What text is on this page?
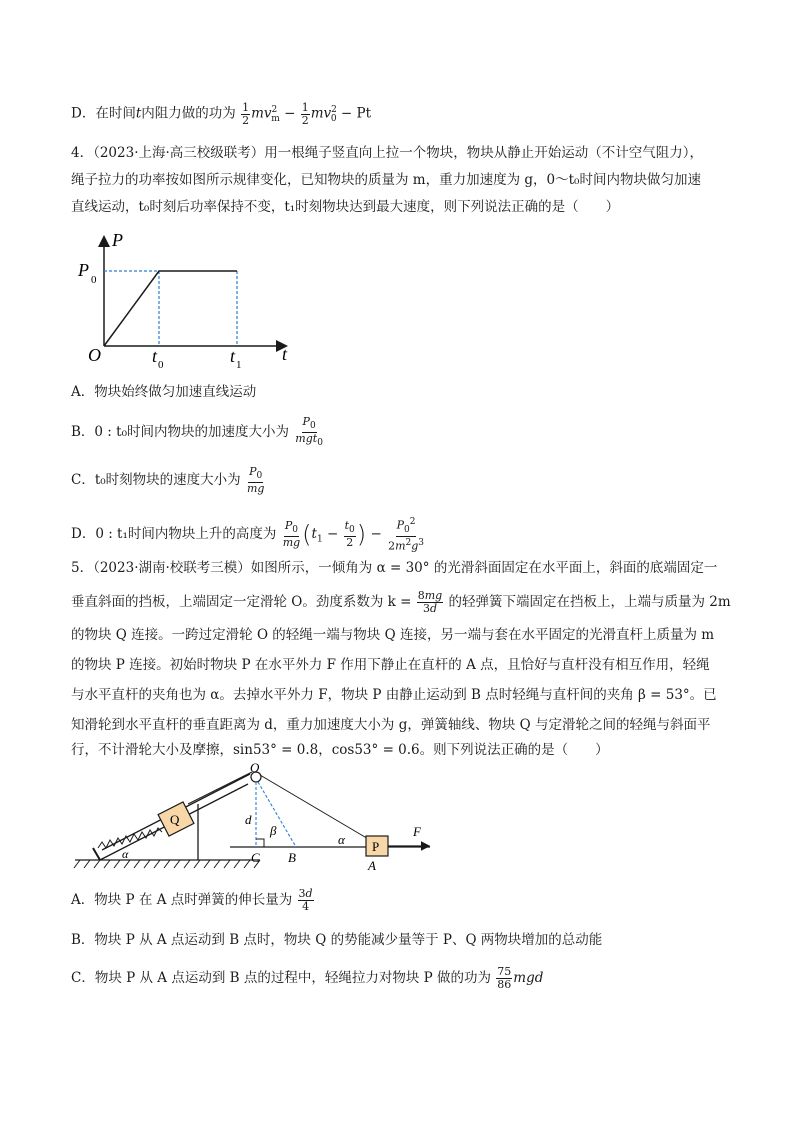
D．在时间t内阻力做的功为 $\frac{1}{2} mv^2_m - \frac{1}{2} mv^2_0 - Pt$
4．（2023·上海·高三校级联考）用一根绳子竖直向上拉一个物块，物块从静止开始运动（不计空气阻力），
绳子拉力的功率按如图所示规律变化，已知物块的质量为 m，重力加速度为 g，0～t₀时间内物块做匀加速
直线运动，t₀时刻后功率保持不变，t₁时刻物块达到最大速度，则下列说法正确的是（　　）
P
t
O
P 0
t 0	t 1
A．物块始终做匀加速直线运动
B．0 : t₀时间内物块的加速度大小为 $\frac{P_0}{mgt_0}$
C．t₀时刻物块的速度大小为 $\frac{P_0}{mg}$
D．0 : t₁时间内物块上升的高度为 $\frac{P_0}{mg} (t_1 - \frac{t_0}{2}$ ) − $\frac{P_0^2}{2m^2g^3}$
5．（2023·湖南·校联考三模）如图所示，一倾角为 α = 30° 的光滑斜面固定在水平面上，斜面的底端固定一
垂直斜面的挡板，上端固定一定滑轮 O。劲度系数为 $k = \frac{8mg}{3d}$ 的轻弹簧下端固定在挡板上，上端与质量为 2m
的物块 Q 连接。一跨过定滑轮 O 的轻绳一端与物块 Q 连接，另一端与套在水平固定的光滑直杆上质量为 m
的物块 P 连接。初始时物块 P 在水平外力 F 作用下静止在直杆的 A 点，且恰好与直杆没有相互作用，轻绳
与水平直杆的夹角也为 α。去掉水平外力 F，物块 P 由静止运动到 B 点时轻绳与直杆间的夹角 β = 53°。已
知滑轮到水平直杆的垂直距离为 d，重力加速度大小为 g，弹簧轴线、物块 Q 与定滑轮之间的轻绳与斜面平
行，不计滑轮大小及摩擦，sin53° = 0.8，cos53° = 0.6。则下列说法正确的是（　　）
Q
O
P
F
d
β
α
α	C B
A
A．物块 P 在 A 点时弹簧的伸长量为 $\frac{3d}{4}$
B．物块 P 从 A 点运动到 B 点时，物块 Q 的势能减少量等于 P、Q 两物块增加的总动能
C．物块 P 从 A 点运动到 B 点的过程中，轻绳拉力对物块 P 做的功为 $\frac{75}{86}$ mgd
